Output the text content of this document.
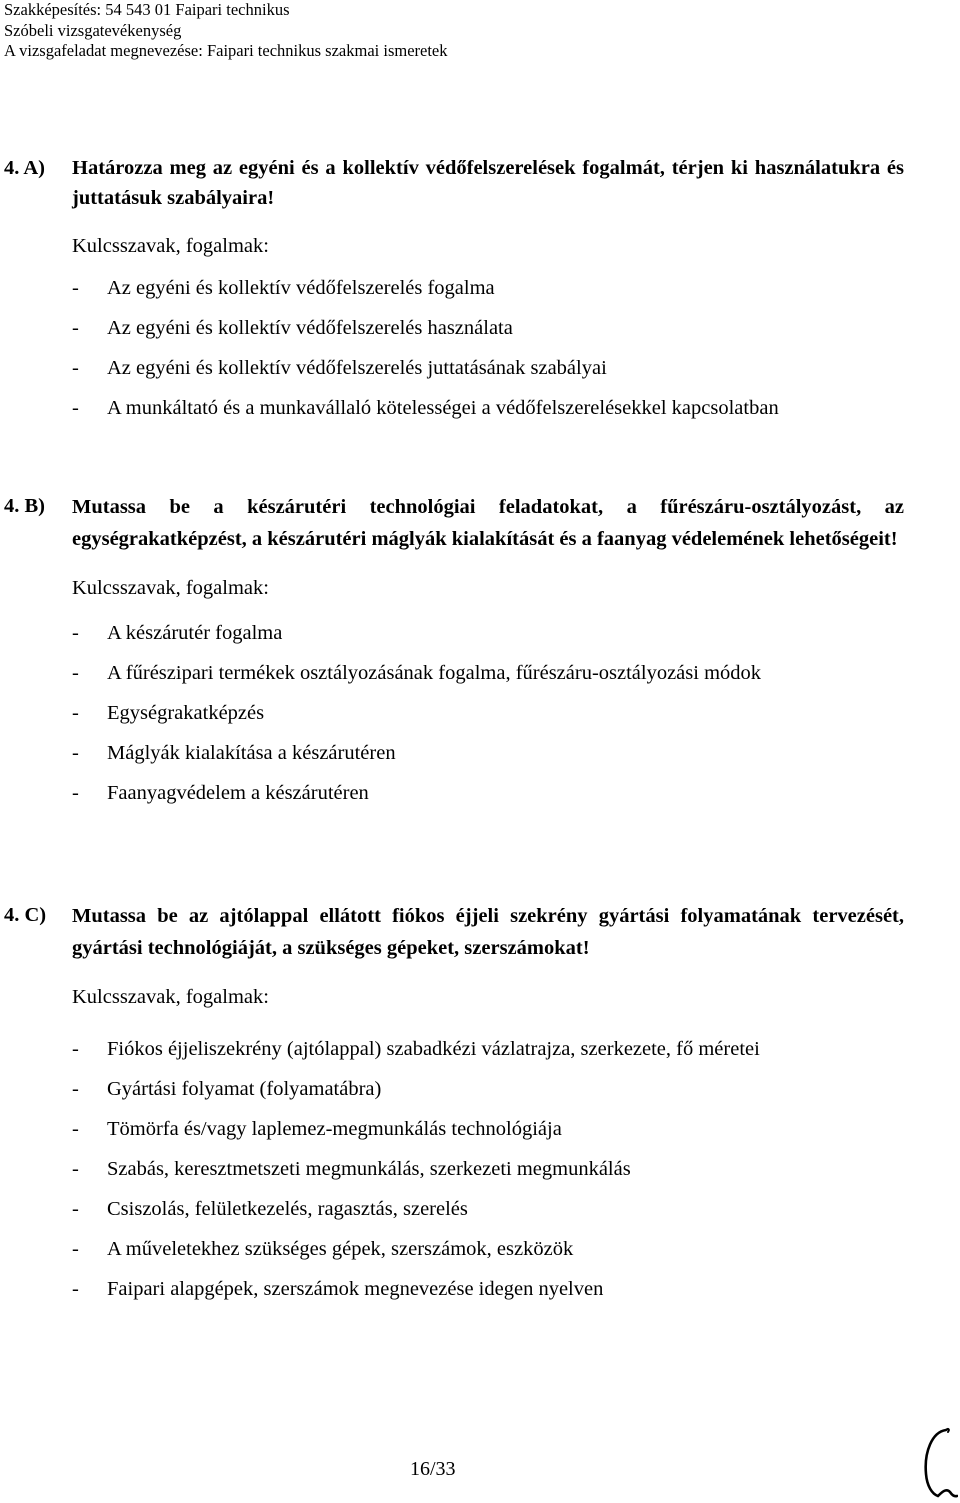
Szakképesítés: 54 543 01 Faipari technikus
Szóbeli vizsgatevékenység
A vizsgafeladat megnevezése: Faipari technikus szakmai ismeretek
4. A) Határozza meg az egyéni és a kollektív védőfelszerelések fogalmát, térjen ki használatukra és juttatásuk szabályaira!
Kulcsszavak, fogalmak:
- Az egyéni és kollektív védőfelszerelés fogalma
- Az egyéni és kollektív védőfelszerelés használata
- Az egyéni és kollektív védőfelszerelés juttatásának szabályai
- A munkáltató és a munkavállaló kötelességei a védőfelszerelésekkel kapcsolatban
4. B) Mutassa be a készárutéri technológiai feladatokat, a fűrészáru-osztályozást, az egységrakatképzést, a készárutéri máglyák kialakítását és a faanyag védelemének lehetőségeit!
Kulcsszavak, fogalmak:
- A készárutér fogalma
- A fűrészipari termékek osztályozásának fogalma, fűrészáru-osztályozási módok
- Egységrakatképzés
- Máglyák kialakítása a készárutéren
- Faanyagvédelem a készárutéren
4. C) Mutassa be az ajtólappal ellátott fiókos éjjeli szekrény gyártási folyamatának tervezését, gyártási technológiáját, a szükséges gépeket, szerszámokat!
Kulcsszavak, fogalmak:
- Fiókos éjjeliszekrény (ajtólappal) szabadkézi vázlatrajza, szerkezete, fő méretei
- Gyártási folyamat (folyamatábra)
- Tömörfa és/vagy laplemez-megmunkálás technológiája
- Szabás, keresztmetszeti megmunkálás, szerkezeti megmunkálás
- Csiszolás, felületkezelés, ragasztás, szerelés
- A műveletekhez szükséges gépek, szerszámok, eszközök
- Faipari alapgépek, szerszámok megnevezése idegen nyelven
16/33
